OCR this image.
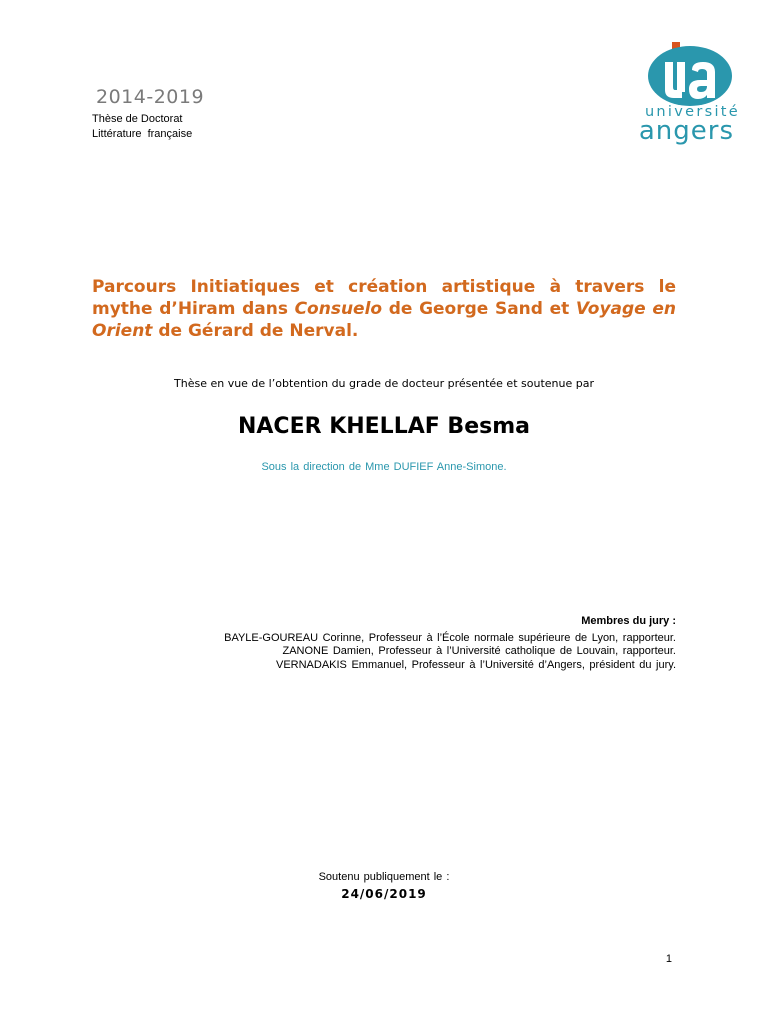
2014-2019
Thèse de Doctorat
Littérature française
université
angers
Parcours Initiatiques et création artistique à travers le mythe d’Hiram dans Consuelo de George Sand et Voyage en Orient de Gérard de Nerval.
Thèse en vue de l’obtention du grade de docteur présentée et soutenue par
NACER KHELLAF Besma
Sous la direction de Mme DUFIEF Anne-Simone.
Membres du jury :
BAYLE-GOUREAU Corinne, Professeur à l’École normale supérieure de Lyon, rapporteur.
ZANONE Damien, Professeur à l’Université catholique de Louvain, rapporteur.
VERNADAKIS Emmanuel, Professeur à l’Université d’Angers, président du jury.
Soutenu publiquement le :
24/06/2019
1
